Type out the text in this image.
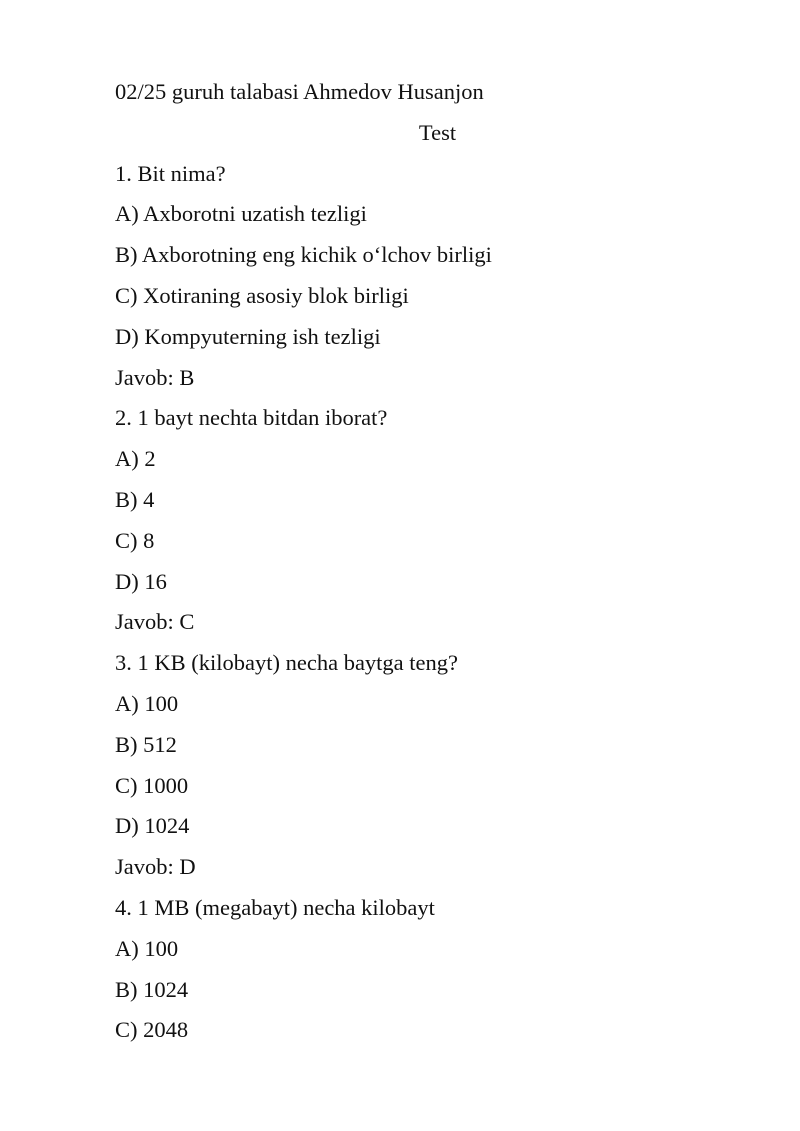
02/25 guruh talabasi Ahmedov Husanjon
Test
1. Bit nima?
A) Axborotni uzatish tezligi
B) Axborotning eng kichik o‘lchov birligi
C) Xotiraning asosiy blok birligi
D) Kompyuterning ish tezligi
Javob: B
2. 1 bayt nechta bitdan iborat?
A) 2
B) 4
C) 8
D) 16
Javob: C
3. 1 KB (kilobayt) necha baytga teng?
A) 100
B) 512
C) 1000
D) 1024
Javob: D
4. 1 MB (megabayt) necha kilobayt
A) 100
B) 1024
C) 2048
